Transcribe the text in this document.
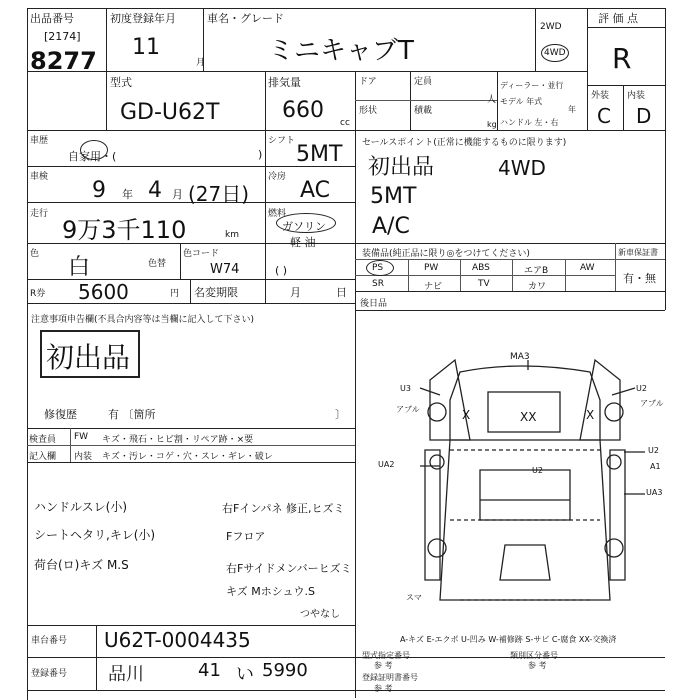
出品番号
[2174]
8277
初度登録年月
11
月
車名・グレード
ミニキャブT
2WD
4WD
評 価 点
R
外装 内装
C D
型式
GD-U62T
排気量
660 cc
ドア	定員
人
形状	積載
kg
ディーラー・並行
モデル 年式
年
ハンドル 左・右
車歴
自家用・(	)
シフト
5MT
車検
9 年 4 月 (27日)
冷房
AC
走行
9万3千110	km
燃料
ガソリン
軽 油
色
白	色替
色コード
W74	( )
R券 5600	円 名変期限	月	日
セールスポイント(正常に機能するものに限ります)
初出品	4WD
5MT
A/C
装備品(純正品に限り◎をつけてください)	新車保証書
有・無
PS	PW	ABS	エアB	AW
SR	ナビ	TV	カワ
後日品
注意事項申告欄(不具合内容等は当欄に記入して下さい)
初出品
修復歴	有 〔箇所	〕
検査員
記入欄
FW キズ・飛石・ヒビ割・リペア跡・×要
内装 キズ・汚レ・コゲ・穴・スレ・ギレ・破レ
ハンドルスレ(小)
シートヘタリ,キレ(小)
荷台(ロ)キズ M.S
右Fインパネ 修正,ヒズミ
Fフロア
右Fサイドメンバーヒズミ
キズ Mホシュウ.S
つやなし
MA3
U3
アブル
U2
U2	A1
U2
UA2
UA3
X	X
XX
スマ
アブル
A-キズ E-エクボ U-凹み W-補修跡 S-サビ C-腐食 XX-交換済
車台番号 U62T-0004435
登録番号 品川	41 い 5990
型式指定番号	類別区分番号
参 考	参 考
登録証明書番号
参 考
